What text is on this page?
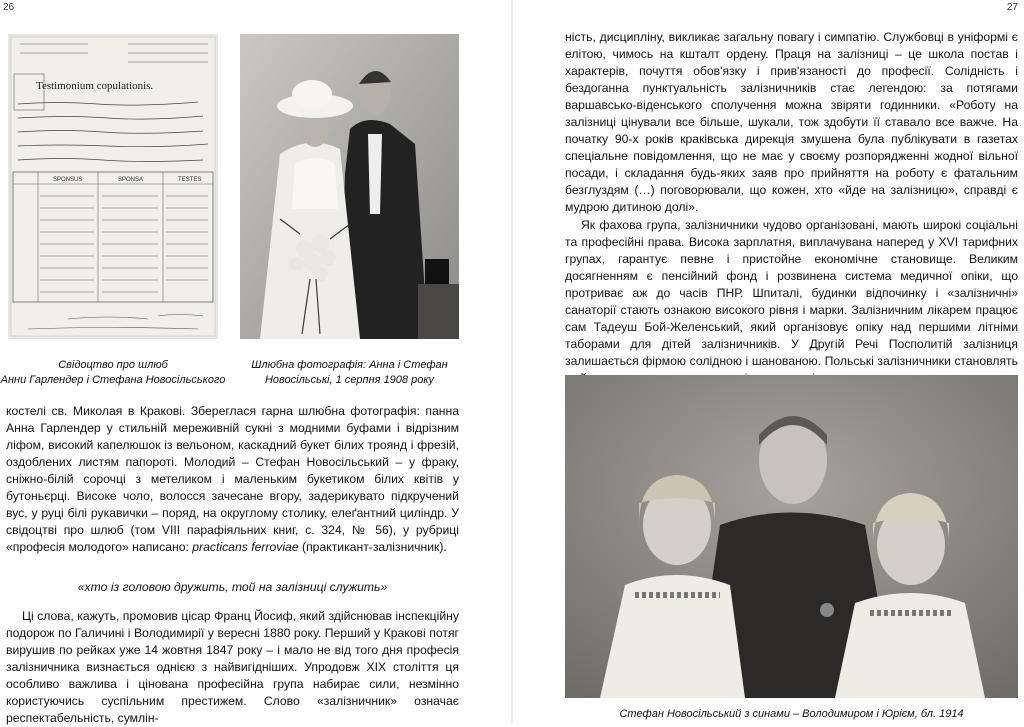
26	27
Testimonium copulationis.
SPONSUS	SPONSA	TESTES
Свідоцтво про шлюб
Анни Гарлендер і Стефана Новосільського
Шлюбна фотографія: Анна і Стефан
Новосільські, 1 серпня 1908 року

костелі св. Миколая в Кракові. Збереглася гарна шлюбна фотографія: панна Анна Гарлендер у стильній мереживній сукні з модними буфами і відрізним ліфом, високий капелюшок із вельоном, каскадний букет білих троянд і фрезій, оздоблених листям папороті. Молодий – Стефан Новосільський – у фраку, сніжно-білій сорочці з метеликом і маленьким букетиком білих квітів у бутоньєрці. Високе чоло, волосся зачесане вгору, задерикувато підкручений вус, у руці білі рукавички – поряд, на округлому столику, елеґантний циліндр. У свідоцтві про шлюб (том VIII парафіяльних книг, с. 324, № 56), у рубриці «професія молодого» написано: practicans ferroviae (практикант-залізничник).

«хто із головою дружить, той на залізниці служить»

Ці слова, кажуть, промовив цісар Франц Йосиф, який здійснював інспекційну подорож по Галичині і Володимирії у вересні 1880 року. Перший у Кракові потяг вирушив по рейках уже 14 жовтня 1847 року – і мало не від того дня професія залізничника визнається однією з найвигідніших. Упродовж XIX століття ця особливо важлива і цінована професійна група набирає сили, незмінно користуючись суспільним престижем. Слово «залізничник» означає респектабельність, сумлін-

ність, дисципліну, викликає загальну повагу і симпатію. Службовці в уніформі є елітою, чимось на кшталт ордену. Праця на залізниці – це школа постав і характерів, почуття обов'язку і прив'язаності до професії. Солідність і бездоганна пунктуальність залізничників стає легендою: за потягами варшавсько-віденського сполучення можна звіряти годинники. «Роботу на залізниці цінували все більше, шукали, тож здобути її ставало все важче. На початку 90-х років краківська дирекція змушена була публікувати в газетах спеціальне повідомлення, що не має у своєму розпорядженні жодної вільної посади, і складання будь-яких заяв про прийняття на роботу є фатальним безглуздям (…) поговорювали, що кожен, хто «йде на залізницю», справді є мудрою дитиною долі».

Як фахова група, залізничники чудово організовані, мають широкі соціальні та професійні права. Висока зарплатня, виплачувана наперед у XVI тарифних групах, гарантує певне і пристойне економічне становище. Великим досягненням є пенсійний фонд і розвинена система медичної опіки, що протриває аж до часів ПНР. Шпиталі, будинки відпочинку і «залізничні» санаторії стають ознакою високого рівня і марки. Залізничним лікарем працює сам Тадеуш Бой-Желенський, який організовує опіку над першими літніми таборами для дітей залізничників. У Другій Речі Посполитій залізниця залишається фірмою солідною і шанованою. Польські залізничники становлять

Стефан Новосільський з синами – Володимиром і Юрієм, бл. 1914
